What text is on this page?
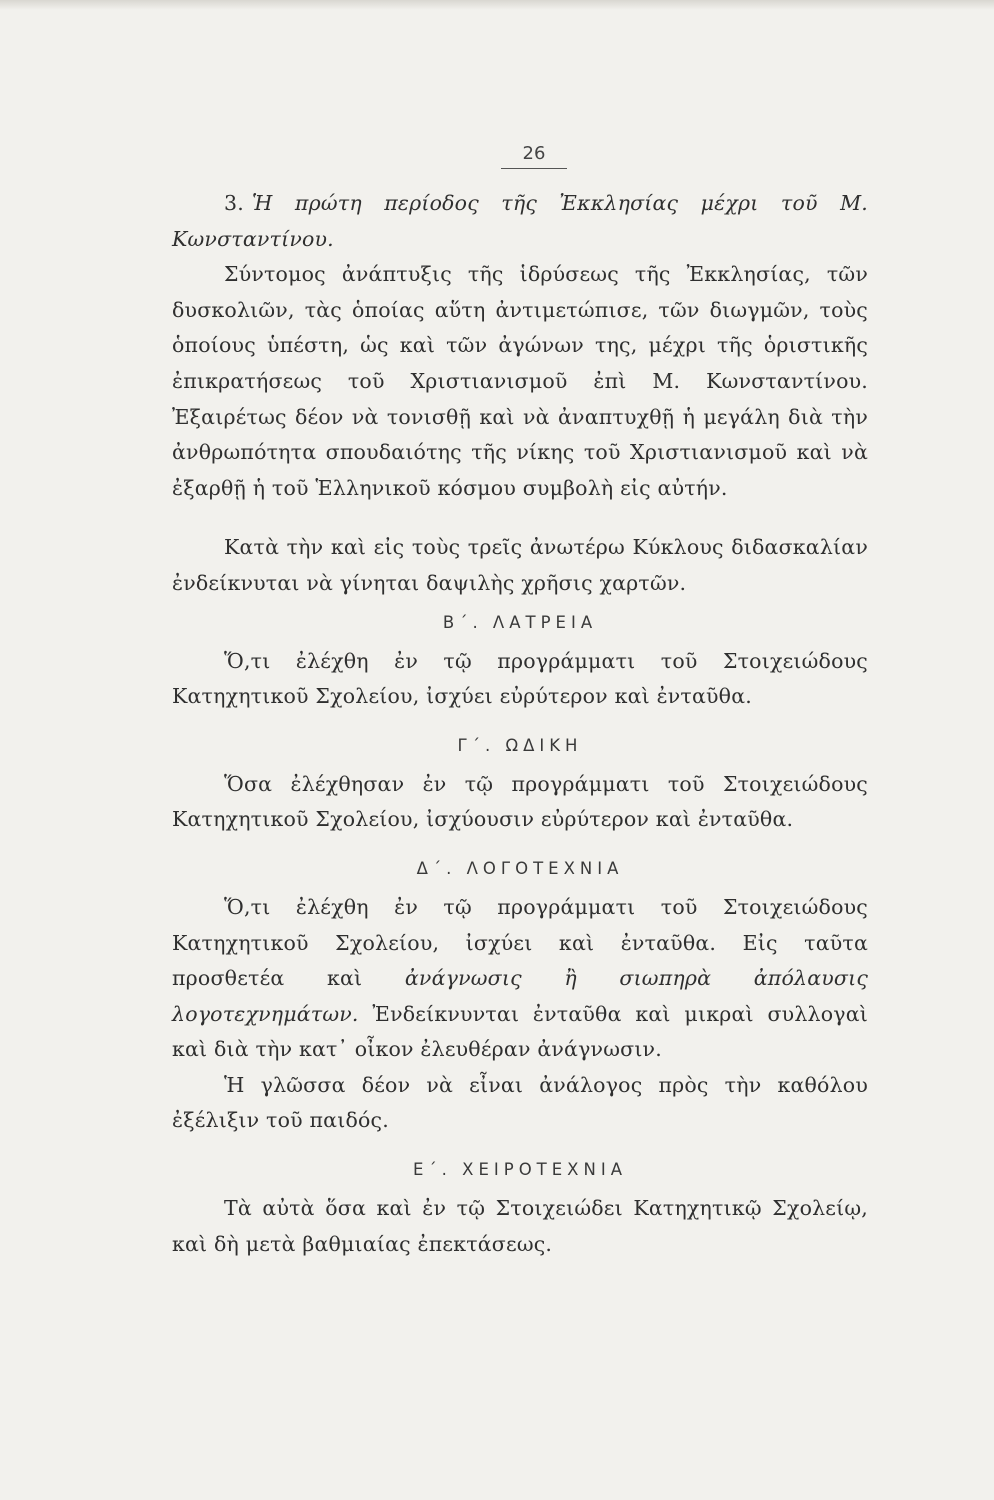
26

3. Ἡ πρώτη περίοδος τῆς Ἐκκλησίας μέχρι τοῦ Μ. Κωνσταντίνου.

Σύντομος ἀνάπτυξις τῆς ἱδρύσεως τῆς Ἐκκλησίας, τῶν δυσκολιῶν, τὰς ὁποίας αὕτη ἀντιμετώπισε, τῶν διωγμῶν, τοὺς ὁποίους ὑπέστη, ὡς καὶ τῶν ἀγώνων της, μέχρι τῆς ὁριστικῆς ἐπικρατήσεως τοῦ Χριστιανισμοῦ ἐπὶ Μ. Κωνσταντίνου. Ἐξαιρέτως δέον νὰ τονισθῇ καὶ νὰ ἀναπτυχθῇ ἡ μεγάλη διὰ τὴν ἀνθρωπότητα σπουδαιότης τῆς νίκης τοῦ Χριστιανισμοῦ καὶ νὰ ἐξαρθῇ ἡ τοῦ Ἑλληνικοῦ κόσμου συμβολὴ εἰς αὐτήν.

Κατὰ τὴν καὶ εἰς τοὺς τρεῖς ἀνωτέρω Κύκλους διδασκαλίαν ἐνδείκνυται νὰ γίνηται δαψιλὴς χρῆσις χαρτῶν.

Β΄. ΛΑΤΡΕΙΑ

Ὅ,τι ἐλέχθη ἐν τῷ προγράμματι τοῦ Στοιχειώδους Κατηχητικοῦ Σχολείου, ἰσχύει εὐρύτερον καὶ ἐνταῦθα.

Γ΄. ΩΔΙΚΗ

Ὅσα ἐλέχθησαν ἐν τῷ προγράμματι τοῦ Στοιχειώδους Κατηχητικοῦ Σχολείου, ἰσχύουσιν εὐρύτερον καὶ ἐνταῦθα.

Δ΄. ΛΟΓΟΤΕΧΝΙΑ

Ὅ,τι ἐλέχθη ἐν τῷ προγράμματι τοῦ Στοιχειώδους Κατηχητικοῦ Σχολείου, ἰσχύει καὶ ἐνταῦθα. Εἰς ταῦτα προσθετέα καὶ ἀνάγνωσις ἢ σιωπηρὰ ἀπόλαυσις λογοτεχνημάτων. Ἐνδείκνυνται ἐνταῦθα καὶ μικραὶ συλλογαὶ καὶ διὰ τὴν κατ᾽ οἶκον ἐλευθέραν ἀνάγνωσιν.

Ἡ γλῶσσα δέον νὰ εἶναι ἀνάλογος πρὸς τὴν καθόλου ἐξέλιξιν τοῦ παιδός.

Ε΄. ΧΕΙΡΟΤΕΧΝΙΑ

Τὰ αὐτὰ ὅσα καὶ ἐν τῷ Στοιχειώδει Κατηχητικῷ Σχολείῳ, καὶ δὴ μετὰ βαθμιαίας ἐπεκτάσεως.
